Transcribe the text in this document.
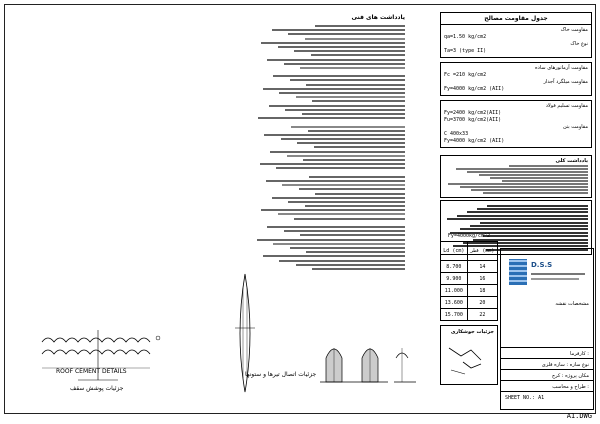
A1.DWG
یادداشت های فنی	جدول مقاومت مصالح
مقاومت خاک
qa=1.50 kg/cm2
نوع خاک
Ta=3 (type II)
مقاومت آرماتورهای ساده
Fc =210 kg/cm2
مقاومت میلگرد آجدار
Fy=4000 kg/cm2 (AII)
مقاومت تسلیم فولاد
Fy=2400 kg/cm2(AII)
Fu=3700 kg/cm2(AII)
مقاومت بتن
C 400x33
Fy=4000 kg/cm2 (AII)
یادداشت کلی
Fy=4000kg/cm^2
Ld (cm)	قطر (mm)
8.700	14
9.900	16
11.000	18
13.600	20
15.700	22
جزئیات جوشکاری
D.S.S
مشخصات نقشه
کارفرما :
نوع سازه : سازه فلزی
مکان پروژه : کرج
طراح و محاسب :
SHEET NO.: A1
ROOF CEMENT DETAILS
جزئیات پوشش سقف
جزئیات اتصال تیرها و ستونها
